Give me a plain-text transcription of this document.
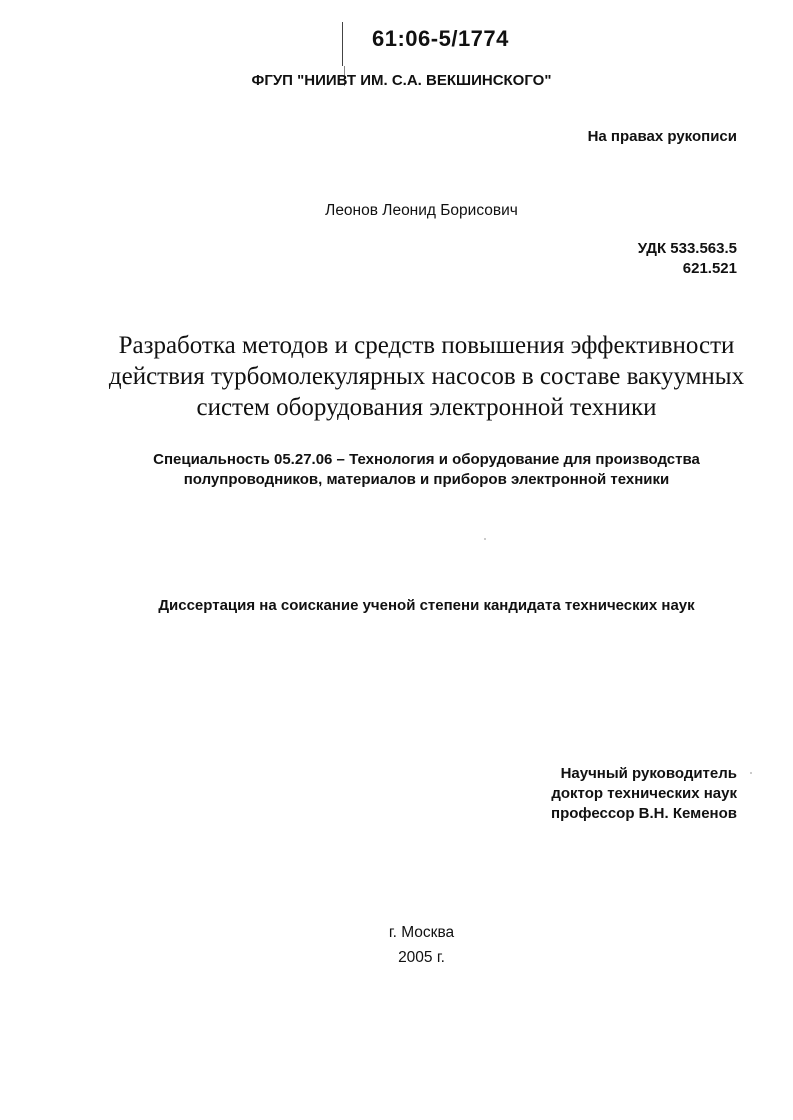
61:06-5/1774
ФГУП "НИИВТ ИМ. С.А. ВЕКШИНСКОГО"
На правах рукописи
Леонов Леонид Борисович
УДК 533.563.5
621.521
Разработка методов и средств повышения эффективности
действия турбомолекулярных насосов в составе вакуумных
систем оборудования электронной техники
Специальность 05.27.06 – Технология и оборудование для производства
полупроводников, материалов и приборов электронной техники
Диссертация на соискание ученой степени кандидата технических наук
Научный руководитель
доктор технических наук
профессор В.Н. Кеменов
г. Москва
2005 г.
